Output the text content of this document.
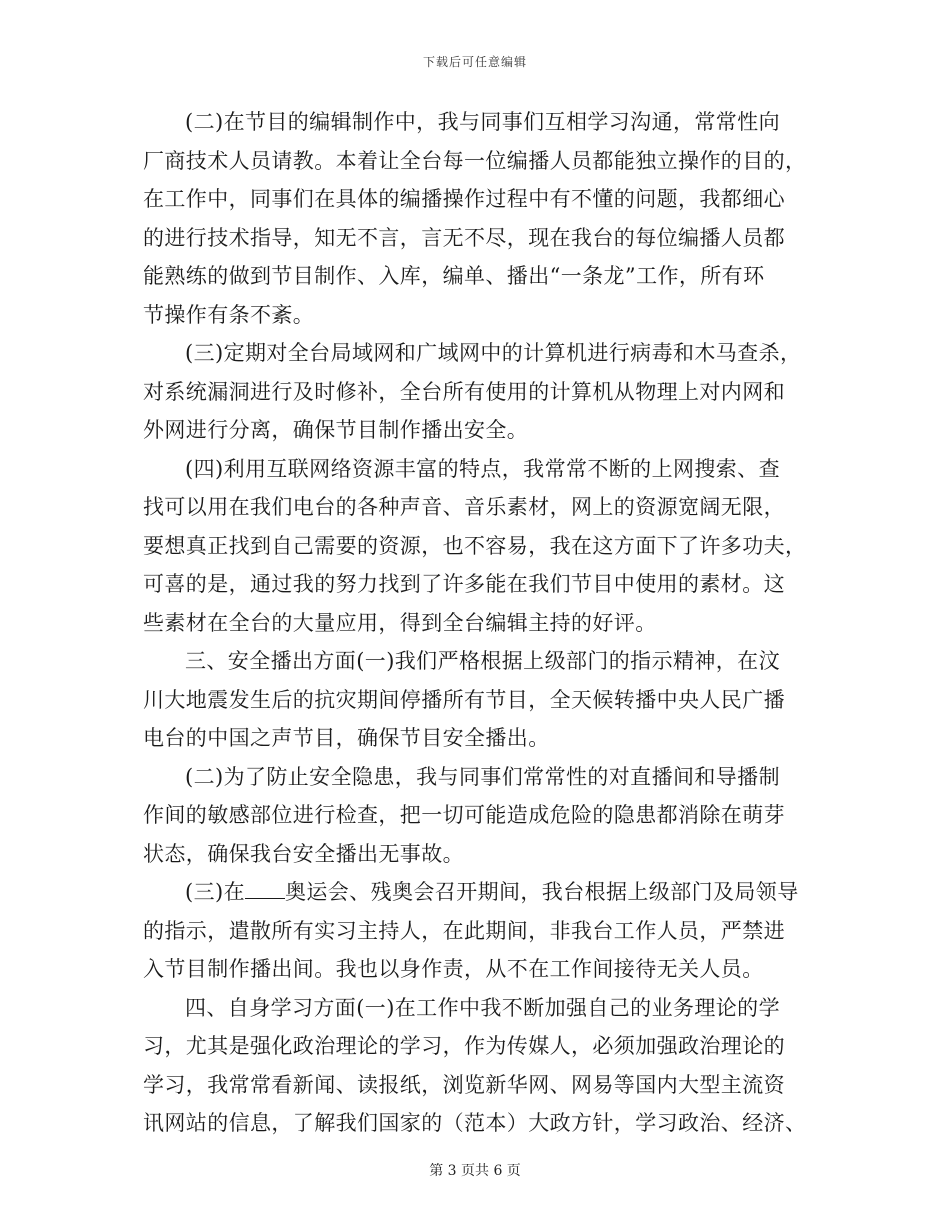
下载后可任意编辑

(二)在节目的编辑制作中，我与同事们互相学习沟通，常常性向
厂商技术人员请教。本着让全台每一位编播人员都能独立操作的目的，
在工作中，同事们在具体的编播操作过程中有不懂的问题，我都细心
的进行技术指导，知无不言，言无不尽，现在我台的每位编播人员都
能熟练的做到节目制作、入库，编单、播出“一条龙”工作，所有环
节操作有条不紊。

(三)定期对全台局域网和广域网中的计算机进行病毒和木马查杀，
对系统漏洞进行及时修补，全台所有使用的计算机从物理上对内网和
外网进行分离，确保节目制作播出安全。

(四)利用互联网络资源丰富的特点，我常常不断的上网搜索、查
找可以用在我们电台的各种声音、音乐素材，网上的资源宽阔无限，
要想真正找到自己需要的资源，也不容易，我在这方面下了许多功夫，
可喜的是，通过我的努力找到了许多能在我们节目中使用的素材。这
些素材在全台的大量应用，得到全台编辑主持的好评。

三、安全播出方面(一)我们严格根据上级部门的指示精神，在汶
川大地震发生后的抗灾期间停播所有节目，全天候转播中央人民广播
电台的中国之声节目，确保节目安全播出。

(二)为了防止安全隐患，我与同事们常常性的对直播间和导播制
作间的敏感部位进行检查，把一切可能造成危险的隐患都消除在萌芽
状态，确保我台安全播出无事故。

(三)在 奥运会、残奥会召开期间，我台根据上级部门及局领导
的指示，遣散所有实习主持人，在此期间，非我台工作人员，严禁进
入节目制作播出间。我也以身作责，从不在工作间接待无关人员。

四、自身学习方面(一)在工作中我不断加强自己的业务理论的学
习，尤其是强化政治理论的学习，作为传媒人，必须加强政治理论的
学习，我常常看新闻、读报纸，浏览新华网、网易等国内大型主流资
讯网站的信息，了解我们国家的（范本）大政方针，学习政治、经济、

第 3 页共 6 页
